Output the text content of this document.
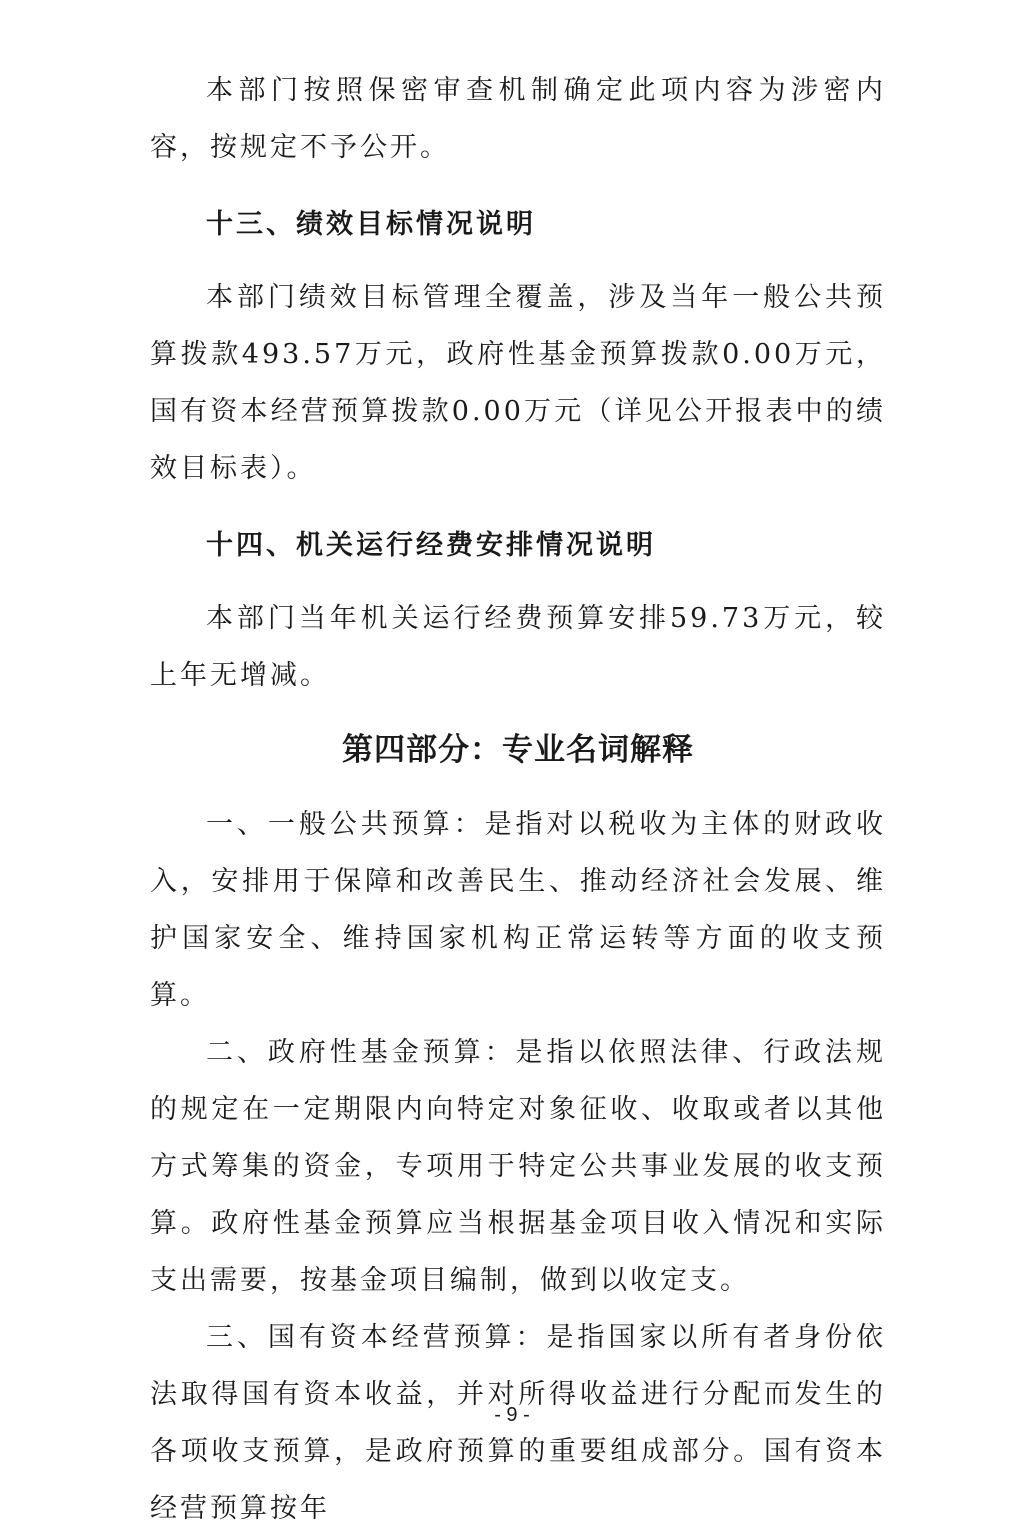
本部门按照保密审查机制确定此项内容为涉密内容，按规定不予公开。

十三、绩效目标情况说明

本部门绩效目标管理全覆盖，涉及当年一般公共预算拨款493.57万元，政府性基金预算拨款0.00万元，国有资本经营预算拨款0.00万元（详见公开报表中的绩效目标表）。

十四、机关运行经费安排情况说明

本部门当年机关运行经费预算安排59.73万元，较上年无增减。

第四部分：专业名词解释

一、一般公共预算：是指对以税收为主体的财政收入，安排用于保障和改善民生、推动经济社会发展、维护国家安全、维持国家机构正常运转等方面的收支预算。

二、政府性基金预算：是指以依照法律、行政法规的规定在一定期限内向特定对象征收、收取或者以其他方式筹集的资金，专项用于特定公共事业发展的收支预算。政府性基金预算应当根据基金项目收入情况和实际支出需要，按基金项目编制，做到以收定支。

三、国有资本经营预算：是指国家以所有者身份依法取得国有资本收益，并对所得收益进行分配而发生的各项收支预算，是政府预算的重要组成部分。国有资本经营预算按年

- 9 -
